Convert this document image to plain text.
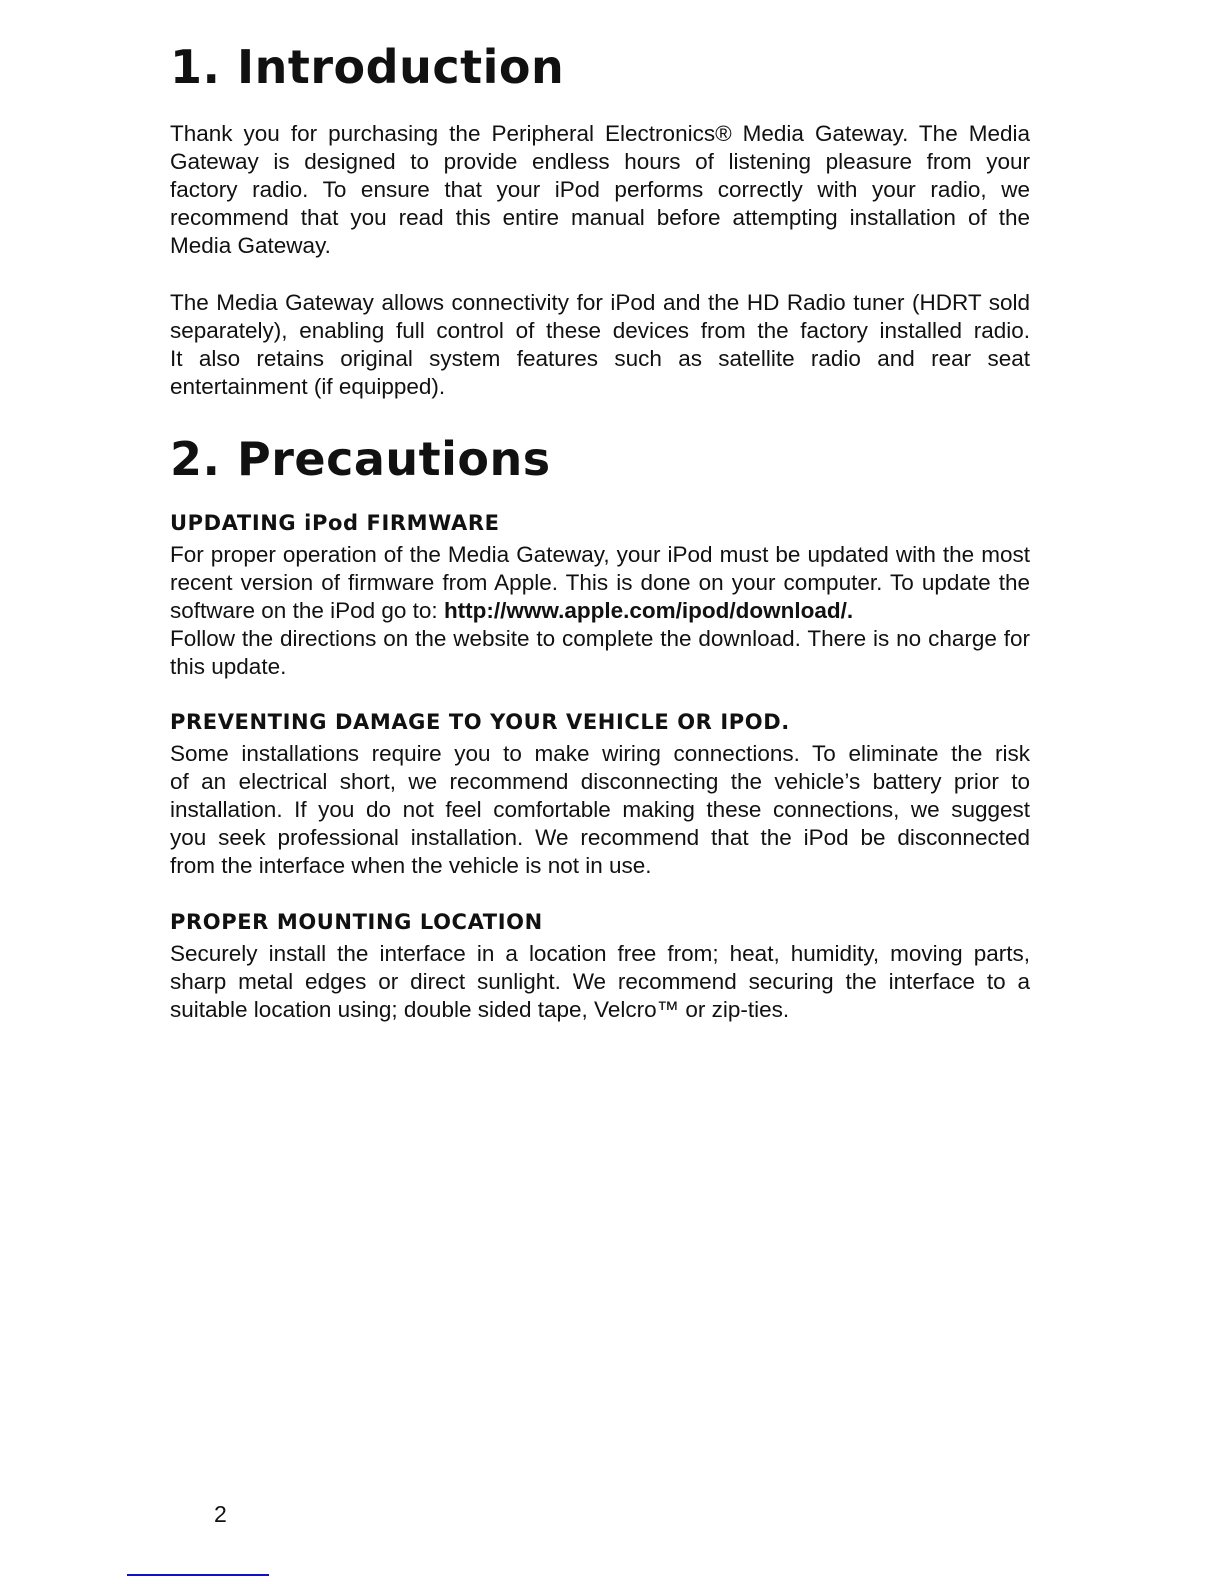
1. Introduction
Thank you for purchasing the Peripheral Electronics® Media Gateway. The Media
Gateway is designed to provide endless hours of listening pleasure from your
factory radio. To ensure that your iPod performs correctly with your radio, we
recommend that you read this entire manual before attempting installation of the
Media Gateway.
The Media Gateway allows connectivity for iPod and the HD Radio tuner (HDRT sold
separately), enabling full control of these devices from the factory installed radio.
It also retains original system features such as satellite radio and rear seat
entertainment (if equipped).
2. Precautions
UPDATING iPod FIRMWARE
For proper operation of the Media Gateway, your iPod must be updated with the most
recent version of firmware from Apple. This is done on your computer. To update the
software on the iPod go to: http://www.apple.com/ipod/download/.
Follow the directions on the website to complete the download. There is no charge for
this update.
PREVENTING DAMAGE TO YOUR VEHICLE OR IPOD.
Some installations require you to make wiring connections. To eliminate the risk
of an electrical short, we recommend disconnecting the vehicle’s battery prior to
installation. If you do not feel comfortable making these connections, we suggest
you seek professional installation. We recommend that the iPod be disconnected
from the interface when the vehicle is not in use.
PROPER MOUNTING LOCATION
Securely install the interface in a location free from; heat, humidity, moving parts,
sharp metal edges or direct sunlight. We recommend securing the interface to a
suitable location using; double sided tape, Velcro™ or zip-ties.
2
